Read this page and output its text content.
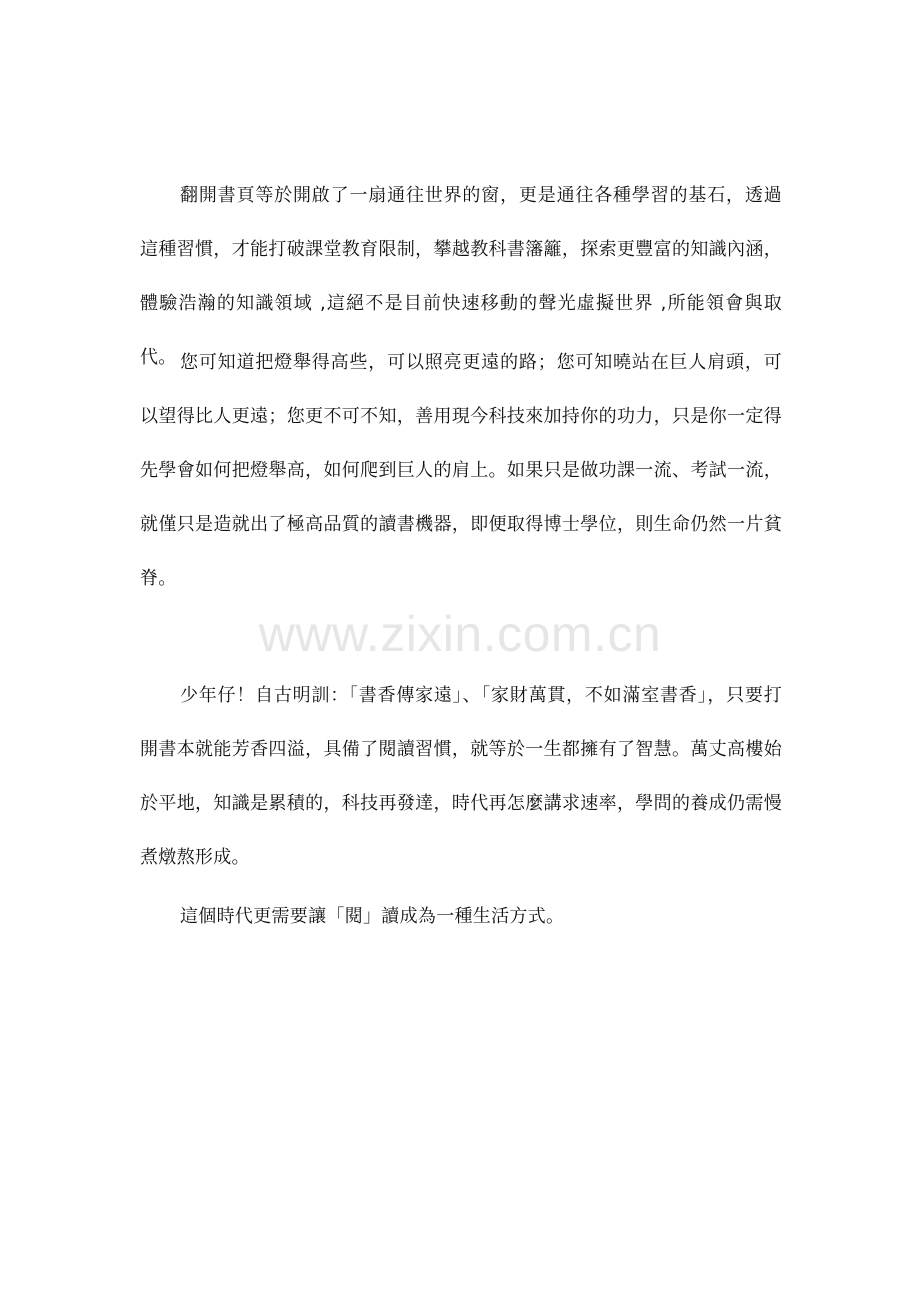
翻開書頁等於開啟了一扇通往世界的窗，更是通往各種學習的基石，透過這種習慣，才能打破課堂教育限制，攀越教科書籓籬，探索更豐富的知識內涵，體驗浩瀚的知識領域 ,這絕不是目前快速移動的聲光虛擬世界 ,所能領會與取代。 您可知道把燈舉得高些，可以照亮更遠的路；您可知曉站在巨人肩頭，可以望得比人更遠；您更不可不知，善用現今科技來加持你的功力，只是你一定得先學會如何把燈舉高，如何爬到巨人的肩上。如果只是做功課一流、考試一流，就僅只是造就出了極高品質的讀書機器，即便取得博士學位，則生命仍然一片貧脊。

www.zixin.com.cn

少年仔！自古明訓：「書香傳家遠」、「家財萬貫，不如滿室書香」，只要打開書本就能芳香四溢，具備了閱讀習慣，就等於一生都擁有了智慧。萬丈高樓始於平地，知識是累積的，科技再發達，時代再怎麼講求速率，學問的養成仍需慢煮燉熬形成。

這個時代更需要讓「閱」讀成為一種生活方式。
